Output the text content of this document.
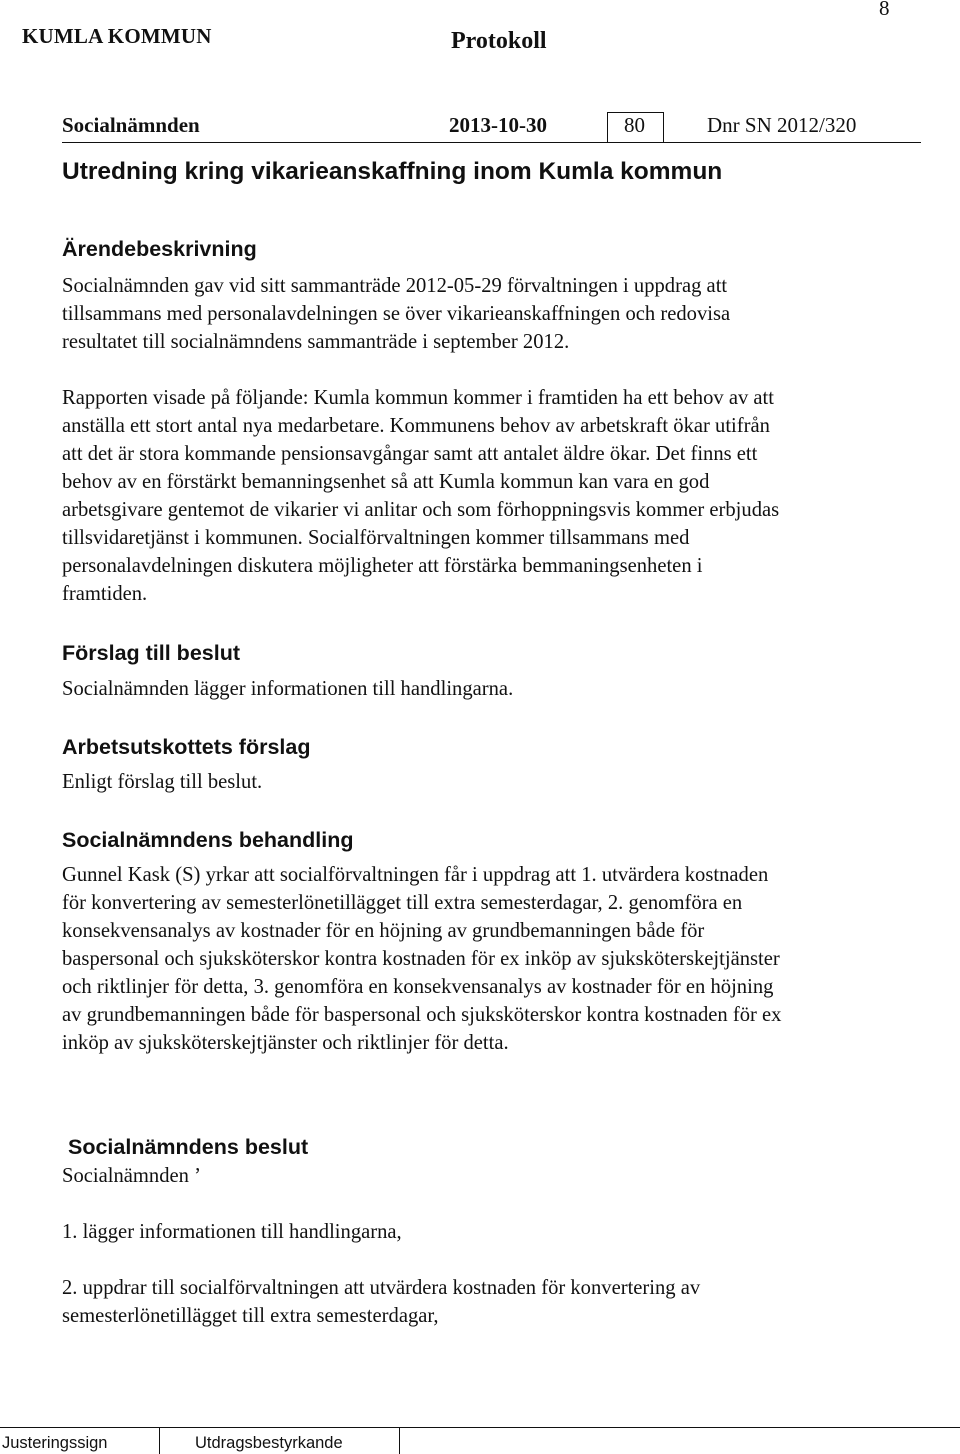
KUMLA KOMMUN	Protokoll
8
Socialnämnden	2013-10-30	80	Dnr SN 2012/320
Utredning kring vikarieanskaffning inom Kumla kommun
Ärendebeskrivning
Socialnämnden gav vid sitt sammanträde 2012-05-29 förvaltningen i uppdrag att
tillsammans med personalavdelningen se över vikarieanskaffningen och redovisa
resultatet till socialnämndens sammanträde i september 2012.
Rapporten visade på följande: Kumla kommun kommer i framtiden ha ett behov av att
anställa ett stort antal nya medarbetare. Kommunens behov av arbetskraft ökar utifrån
att det är stora kommande pensionsavgångar samt att antalet äldre ökar. Det finns ett
behov av en förstärkt bemanningsenhet så att Kumla kommun kan vara en god
arbetsgivare gentemot de vikarier vi anlitar och som förhoppningsvis kommer erbjudas
tillsvidaretjänst i kommunen. Socialförvaltningen kommer tillsammans med
personalavdelningen diskutera möjligheter att förstärka bemmaningsenheten i
framtiden.
Förslag till beslut
Socialnämnden lägger informationen till handlingarna.
Arbetsutskottets förslag
Enligt förslag till beslut.
Socialnämndens behandling
Gunnel Kask (S) yrkar att socialförvaltningen får i uppdrag att 1. utvärdera kostnaden
för konvertering av semesterlönetillägget till extra semesterdagar, 2. genomföra en
konsekvensanalys av kostnader för en höjning av grundbemanningen både för
baspersonal och sjuksköterskor kontra kostnaden för ex inköp av sjuksköterskejtjänster
och riktlinjer för detta, 3. genomföra en konsekvensanalys av kostnader för en höjning
av grundbemanningen både för baspersonal och sjuksköterskor kontra kostnaden för ex
inköp av sjuksköterskejtjänster och riktlinjer för detta.
Socialnämndens beslut
Socialnämnden ’
1. lägger informationen till handlingarna,
2. uppdrar till socialförvaltningen att utvärdera kostnaden för konvertering av
semesterlönetillägget till extra semesterdagar,
Justeringssign	Utdragsbestyrkande
